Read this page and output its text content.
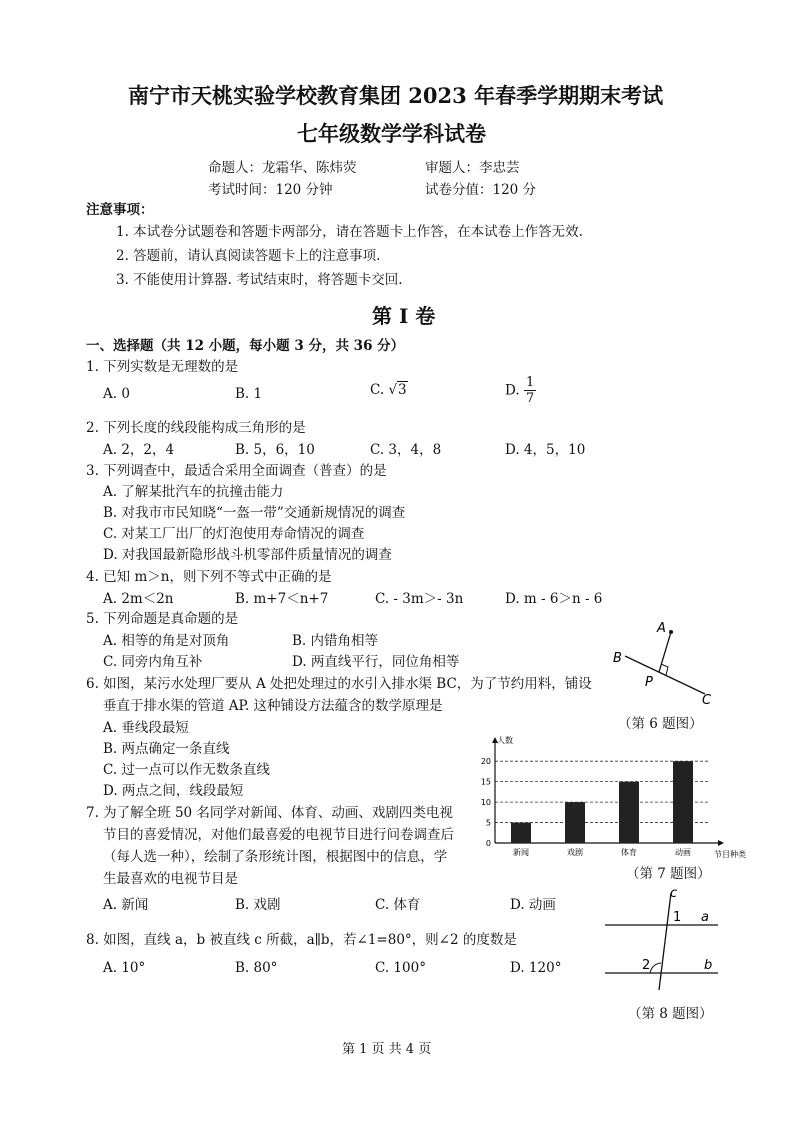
南宁市天桃实验学校教育集团 2023 年春季学期期末考试
七年级数学学科试卷
命题人：龙霜华、陈炜荧	审题人：李忠芸
考试时间：120 分钟	试卷分值：120 分
注意事项：
1. 本试卷分试题卷和答题卡两部分，请在答题卡上作答，在本试卷上作答无效.
2. 答题前，请认真阅读答题卡上的注意事项.
3. 不能使用计算器. 考试结束时，将答题卡交回.
第 Ⅰ 卷
一、选择题（共 12 小题，每小题 3 分，共 36 分）
1. 下列实数是无理数的是
A. 0	B. 1	C. √3	D. $\frac{1}{7}$
2. 下列长度的线段能构成三角形的是
A. 2，2，4	B. 5，6，10	C. 3，4，8	D. 4，5，10
3. 下列调查中，最适合采用全面调查（普查）的是
A. 了解某批汽车的抗撞击能力
B. 对我市市民知晓“一盔一带”交通新规情况的调查
C. 对某工厂出厂的灯泡使用寿命情况的调查
D. 对我国最新隐形战斗机零部件质量情况的调查
4. 已知 m＞n，则下列不等式中正确的是
A. 2m＜2n	B. m+7＜n+7	C. - 3m＞- 3n	D. m - 6＞n - 6
5. 下列命题是真命题的是
A. 相等的角是对顶角	B. 内错角相等
C. 同旁内角互补	D. 两直线平行，同位角相等
A
B
P
C
（第 6 题图）
6. 如图，某污水处理厂要从 A 处把处理过的水引入排水渠 BC，为了节约用料，铺设
垂直于排水渠的管道 AP. 这种铺设方法蕴含的数学原理是
A. 垂线段最短
B. 两点确定一条直线
C. 过一点可以作无数条直线
D. 两点之间，线段最短
0
5
10
15
20
人数
节目种类
新闻	戏剧	体育	动画
（第 7 题图）
7. 为了解全班 50 名同学对新闻、体育、动画、戏剧四类电视
节目的喜爱情况，对他们最喜爱的电视节目进行问卷调查后
（每人选一种），绘制了条形统计图，根据图中的信息，学
生最喜欢的电视节目是
A. 新闻	B. 戏剧	C. 体育	D. 动画
c
1 a
2	b
（第 8 题图）
8. 如图，直线 a，b 被直线 c 所截，a∥b，若∠1=80°，则∠2 的度数是
A. 10°	B. 80°	C. 100°	D. 120°
第 1 页 共 4 页
